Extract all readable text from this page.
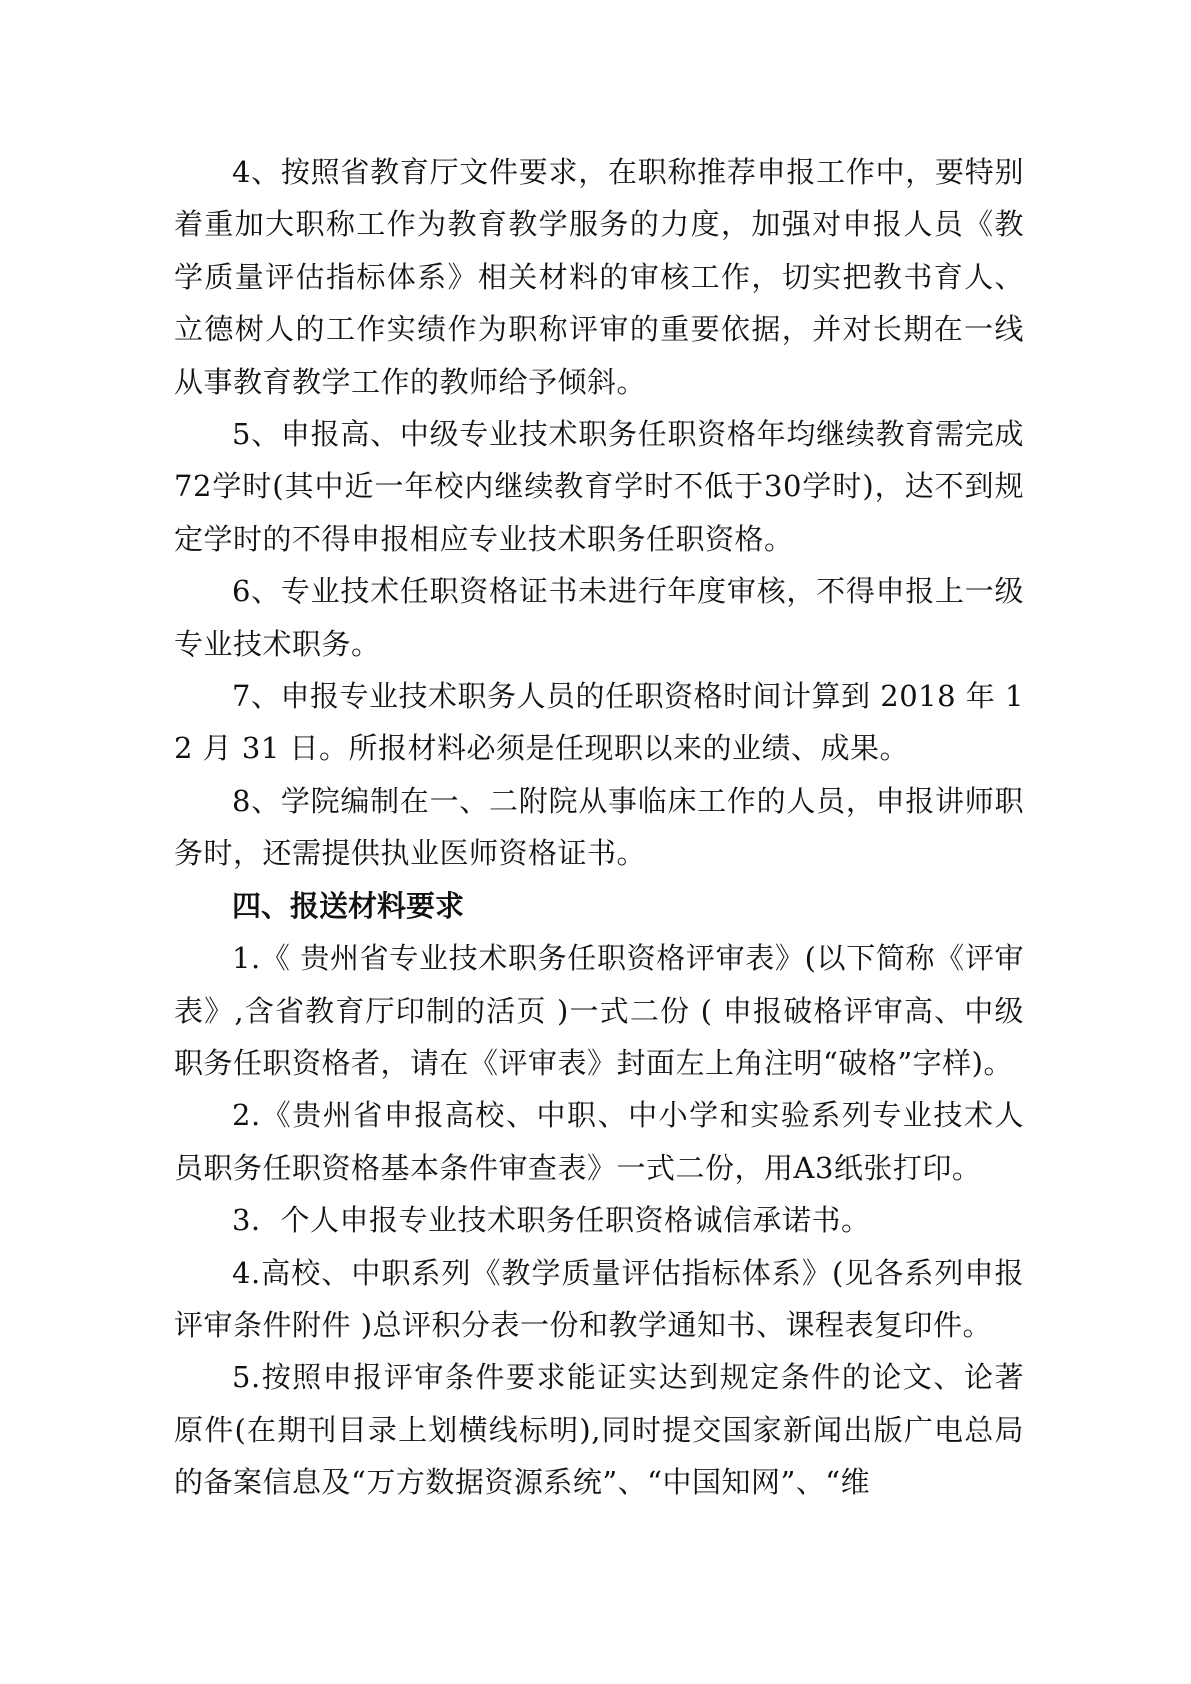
4、按照省教育厅文件要求，在职称推荐申报工作中，要特别着重加大职称工作为教育教学服务的力度，加强对申报人员《教学质量评估指标体系》相关材料的审核工作，切实把教书育人、立德树人的工作实绩作为职称评审的重要依据，并对长期在一线从事教育教学工作的教师给予倾斜。

5、申报高、中级专业技术职务任职资格年均继续教育需完成72学时(其中近一年校内继续教育学时不低于30学时)，达不到规定学时的不得申报相应专业技术职务任职资格。

6、专业技术任职资格证书未进行年度审核，不得申报上一级专业技术职务。

7、申报专业技术职务人员的任职资格时间计算到 2018 年 12 月 31 日。所报材料必须是任现职以来的业绩、成果。

8、学院编制在一、二附院从事临床工作的人员，申报讲师职务时，还需提供执业医师资格证书。

四、报送材料要求

1.《 贵州省专业技术职务任职资格评审表》(以下简称《评审表》,含省教育厅印制的活页 )一式二份 ( 申报破格评审高、中级职务任职资格者，请在《评审表》封面左上角注明“破格”字样)。

2.《贵州省申报高校、中职、中小学和实验系列专业技术人员职务任职资格基本条件审查表》一式二份，用A3纸张打印。

3．个人申报专业技术职务任职资格诚信承诺书。

4.高校、中职系列《教学质量评估指标体系》(见各系列申报评审条件附件 )总评积分表一份和教学通知书、课程表复印件。

5.按照申报评审条件要求能证实达到规定条件的论文、论著原件(在期刊目录上划横线标明),同时提交国家新闻出版广电总局的备案信息及“万方数据资源系统”、“中国知网”、“维
